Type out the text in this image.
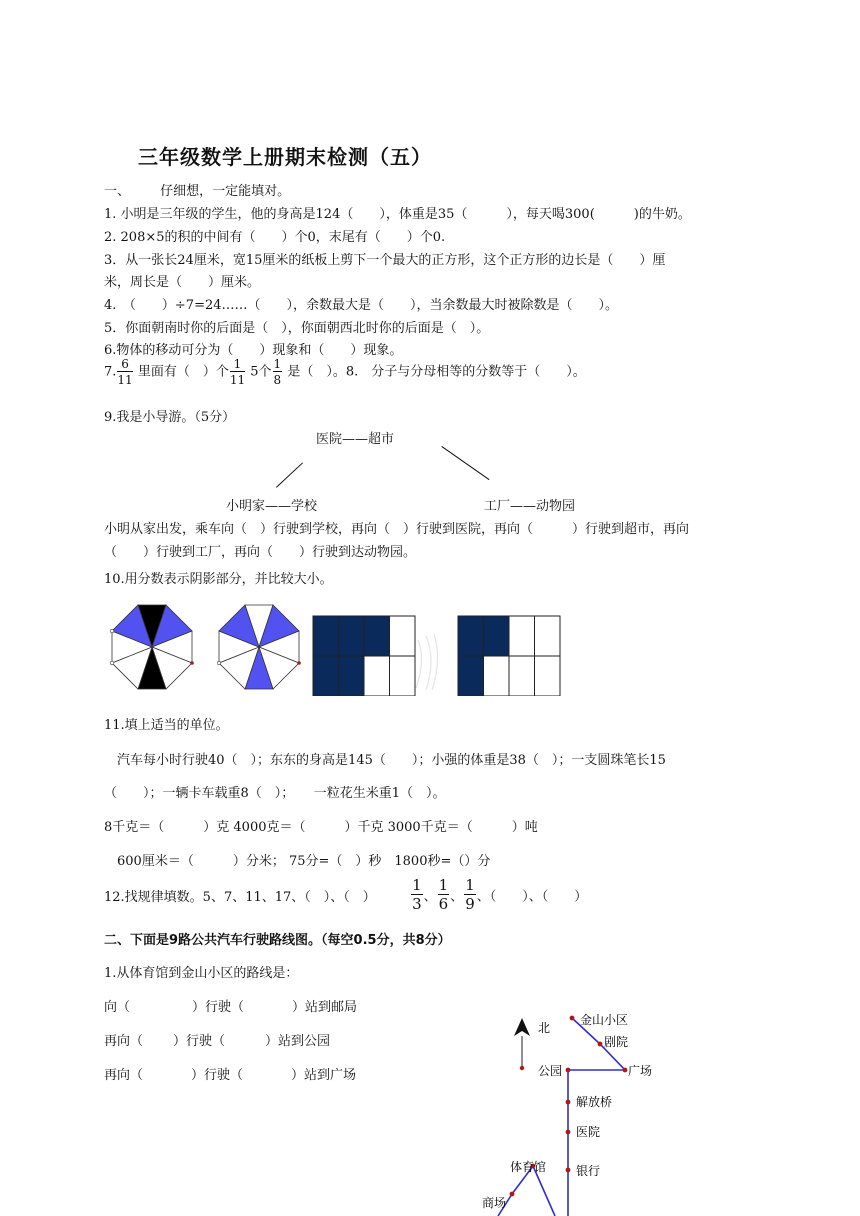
三年级数学上册期末检测（五）
一、 仔细想，一定能填对。
1. 小明是三年级的学生，他的身高是124（　　），体重是35（　　　），每天喝300(　　　)的牛奶。
2. 208×5的积的中间有（　　）个0，末尾有（　　）个0.
3．从一张长24厘米，宽15厘米的纸板上剪下一个最大的正方形，这个正方形的边长是（　　）厘
米，周长是（　　）厘米。
4.　（　　）÷7=24……（　　），余数最大是（　　），当余数最大时被除数是（　　）。
5．你面朝南时你的后面是（　），你面朝西北时你的后面是（　）。
6.物体的移动可分为（　　）现象和（　　）现象。
7. $\frac{6}{11}$ 里面有（　）个 $\frac{1}{11} 5$个 $\frac{1}{8}$ 是（　）。8.　分子与分母相等的分数等于（　　）。
9.我是小导游。（5分）
医院——超市
小明家——学校	工厂——动物园
小明从家出发，乘车向（　）行驶到学校，再向（　）行驶到医院，再向（　　　）行驶到超市，再向
（　　）行驶到工厂，再向（　　）行驶到达动物园。
10.用分数表示阴影部分，并比较大小。
11.填上适当的单位。
汽车每小时行驶40（　）；东东的身高是145（　　）；小强的体重是38（　）；一支圆珠笔长15
（　　）；一辆卡车载重8（　）；　　一粒花生米重1（　）。
8千克＝（　　　）克 4000克＝（　　　）千克 3000千克＝（　　　）吨
600厘米＝（　　　）分米； 75分=（　）秒　1800秒=（）分
12.找规律填数。5、7、11、17、（　）、（　） $\frac{1}{3}$ 、 $\frac{1}{6}$ 、 $\frac{1}{9}$ 、（　　）、（　　）
二、下面是9路公共汽车行驶路线图。（每空0.5分，共8分）
1.从体育馆到金山小区的路线是：
向（	）行驶（	）站到邮局
再向（ ）行驶（	）站到公园
再向（	）行驶（	）站到广场
北
金山小区
剧院
公园	广场
解放桥
医院
体育馆 银行
商场
